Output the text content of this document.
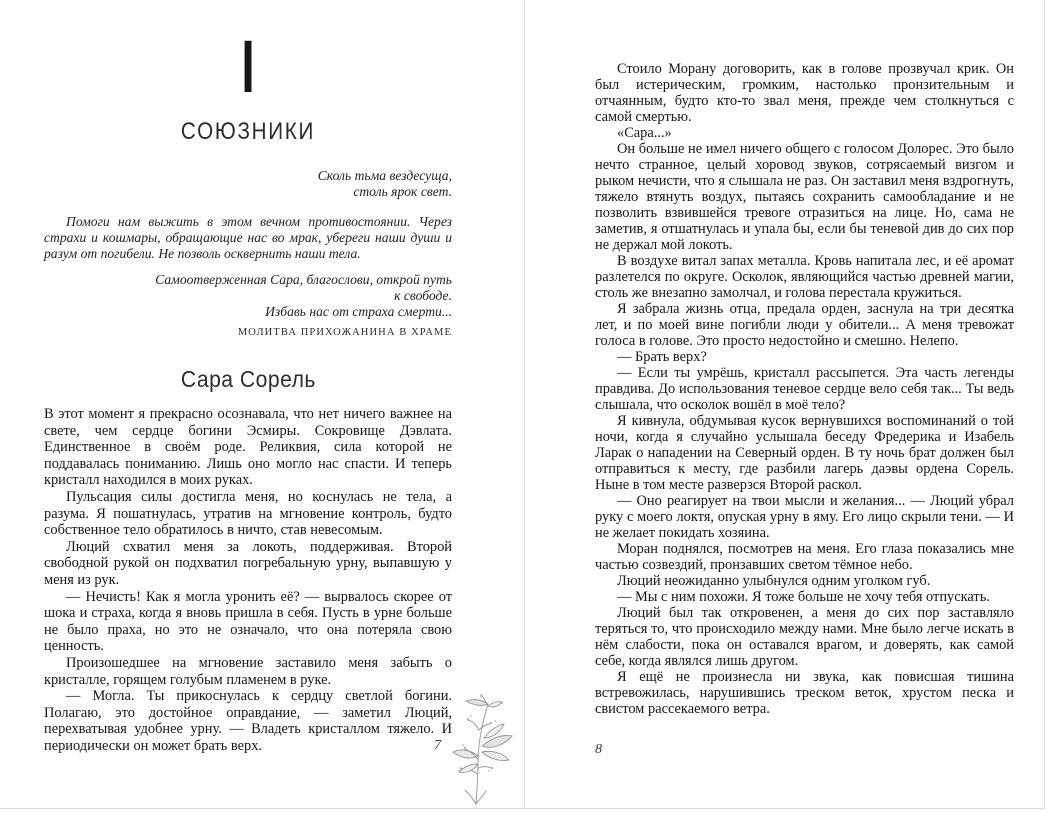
I
СОЮЗНИКИ
Сколь тьма вездесуща,
столь ярок свет.
Помоги нам выжить в этом вечном противостоянии. Через страхи и кошмары, обращающие нас во мрак, убереги наши души и разум от погибели. Не позволь осквернить наши тела.
Самоотверженная Сара, благослови, открой путь
к свободе.
Избавь нас от страха смерти...
МОЛИТВА ПРИХОЖАНИНА В ХРАМЕ
Сара Сорель

В этот момент я прекрасно осознавала, что нет ничего важнее на свете, чем сердце богини Эсмиры. Сокровище Дэвлата. Единственное в своём роде. Реликвия, сила которой не поддавалась пониманию. Лишь оно могло нас спасти. И теперь кристалл находился в моих руках.

Пульсация силы достигла меня, но коснулась не тела, а разума. Я пошатнулась, утратив на мгновение контроль, будто собственное тело обратилось в ничто, став невесомым.

Люций схватил меня за локоть, поддерживая. Второй свободной рукой он подхватил погребальную урну, выпавшую у меня из рук.

— Нечисть! Как я могла уронить её? — вырвалось скорее от шока и страха, когда я вновь пришла в себя. Пусть в урне больше не было праха, но это не означало, что она потеряла свою ценность.

Произошедшее на мгновение заставило меня забыть о кристалле, горящем голубым пламенем в руке.

— Могла. Ты прикоснулась к сердцу светлой богини. Полагаю, это достойное оправдание, — заметил Люций, перехватывая удобнее урну. — Владеть кристаллом тяжело. И периодически он может брать верх.	7

Стоило Морану договорить, как в голове прозвучал крик. Он был истерическим, громким, настолько пронзительным и отчаянным, будто кто-то звал меня, прежде чем столкнуться с самой смертью.

«Сара...»

Он больше не имел ничего общего с голосом Долорес. Это было нечто странное, целый хоровод звуков, сотрясаемый визгом и рыком нечисти, что я слышала не раз. Он заставил меня вздрогнуть, тяжело втянуть воздух, пытаясь сохранить самообладание и не позволить взвившейся тревоге отразиться на лице. Но, сама не заметив, я отшатнулась и упала бы, если бы теневой див до сих пор не держал мой локоть.

В воздухе витал запах металла. Кровь напитала лес, и её аромат разлетелся по округе. Осколок, являющийся частью древней магии, столь же внезапно замолчал, и голова перестала кружиться.

Я забрала жизнь отца, предала орден, заснула на три десятка лет, и по моей вине погибли люди у обители... А меня тревожат голоса в голове. Это просто недостойно и смешно. Нелепо.

— Брать верх?

— Если ты умрёшь, кристалл рассыпется. Эта часть легенды правдива. До использования теневое сердце вело себя так... Ты ведь слышала, что осколок вошёл в моё тело?

Я кивнула, обдумывая кусок вернувшихся воспоминаний о той ночи, когда я случайно услышала беседу Фредерика и Изабель Ларак о нападении на Северный орден. В ту ночь брат должен был отправиться к месту, где разбили лагерь даэвы ордена Сорель. Ныне в том месте разверзся Второй раскол.

— Оно реагирует на твои мысли и желания... — Люций убрал руку с моего локтя, опуская урну в яму. Его лицо скрыли тени. — И не желает покидать хозяина.

Моран поднялся, посмотрев на меня. Его глаза показались мне частью созвездий, пронзавших светом тёмное небо.

Люций неожиданно улыбнулся одним уголком губ.

— Мы с ним похожи. Я тоже больше не хочу тебя отпускать.

Люций был так откровенен, а меня до сих пор заставляло теряться то, что происходило между нами. Мне было легче искать в нём слабости, пока он оставался врагом, и доверять, как самой себе, когда являлся лишь другом.

Я ещё не произнесла ни звука, как повисшая тишина встревожилась, нарушившись треском веток, хрустом песка и свистом рассекаемого ветра.

8
